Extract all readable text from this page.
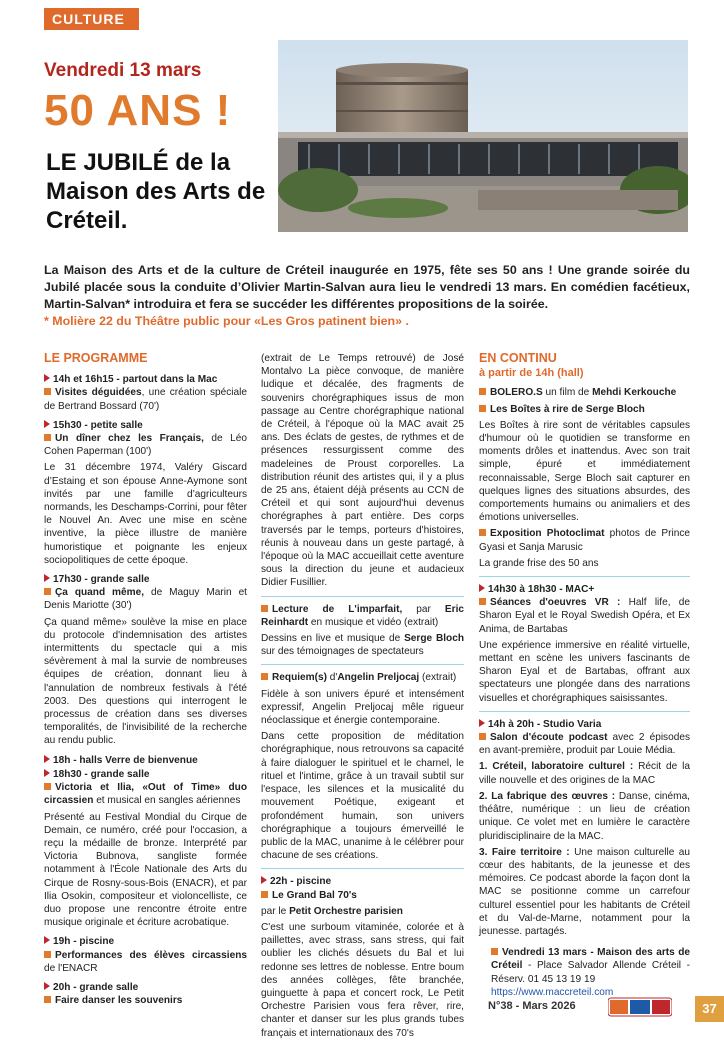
CULTURE
Vendredi 13 mars
50 ANS !
LE JUBILÉ de la Maison des Arts de Créteil.
La Maison des Arts et de la culture de Créteil inaugurée en 1975, fête ses 50 ans ! Une grande soirée du Jubilé placée sous la conduite d’Olivier Martin-Salvan aura lieu le vendredi 13 mars. En comédien facétieux, Martin-Salvan* introduira et fera se succéder les différentes propositions de la soirée.
* Molière 22 du Théâtre public pour «Les Gros patinent bien» .
LE PROGRAMME
14h et 16h15 - partout dans la Mac

Visites déguidées, une création spéciale de Bertrand Bossard (70')

15h30 - petite salle

Un dîner chez les Français, de Léo Cohen Paperman (100')

Le 31 décembre 1974, Valéry Giscard d’Estaing et son épouse Anne-Aymone sont invités par une famille d’agriculteurs normands, les Deschamps-Corrini, pour fêter le Nouvel An. Avec une mise en scène inventive, la pièce illustre de manière humoristique et poignante les enjeux sociopolitiques de cette époque.

17h30 - grande salle

Ça quand même, de Maguy Marin et Denis Mariotte (30')

Ça quand même» soulève la mise en place du protocole d'indemnisation des artistes intermittents du spectacle qui a mis sévèrement à mal la survie de nombreuses équipes de création, donnant lieu à l'annulation de nombreux festivals à l'été 2003. Des questions qui interrogent le processus de création dans ses diverses temporalités, de l'invisibilité de la recherche au rendu public.

18h - halls Verre de bienvenue
18h30 - grande salle

Victoria et Ilia, «Out of Time» duo circassien et musical en sangles aériennes

Présenté au Festival Mondial du Cirque de Demain, ce numéro, créé pour l'occasion, a reçu la médaille de bronze. Interprété par Victoria Bubnova, sangliste formée notamment à l'École Nationale des Arts du Cirque de Rosny-sous-Bois (ENACR), et par Ilia Osokin, compositeur et violoncelliste, ce duo propose une rencontre étroite entre musique originale et écriture acrobatique.

19h - piscine

Performances des élèves circassiens de l'ENACR

20h - grande salle

Faire danser les souvenirs

(extrait de Le Temps retrouvé) de José Montalvo La pièce convoque, de manière ludique et décalée, des fragments de souvenirs chorégraphiques issus de mon passage au Centre chorégraphique national de Créteil, à l'époque où la MAC avait 25 ans. Des éclats de gestes, de rythmes et de présences ressurgissent comme des madeleines de Proust corporelles. La distribution réunit des artistes qui, il y a plus de 25 ans, étaient déjà présents au CCN de Créteil et qui sont aujourd'hui devenus chorégraphes à part entière. Des corps traversés par le temps, porteurs d'histoires, réunis à nouveau dans un geste partagé, à l'époque où la MAC accueillait cette aventure sous la direction du jeune et audacieux Didier Fusillier.

Lecture de L'imparfait, par Eric Reinhardt en musique et vidéo (extrait)

Dessins en live et musique de Serge Bloch sur des témoignages de spectateurs

Requiem(s) d'Angelin Preljocaj (extrait)

Fidèle à son univers épuré et intensément expressif, Angelin Preljocaj mêle rigueur néoclassique et énergie contemporaine.

Dans cette proposition de méditation chorégraphique, nous retrouvons sa capacité à faire dialoguer le spirituel et le charnel, le rituel et l'intime, grâce à un travail subtil sur l'espace, les silences et la musicalité du mouvement Poétique, exigeant et profondément humain, son univers chorégraphique a toujours émerveillé le public de la MAC, unanime à le célébrer pour chacune de ses créations.

22h - piscine

Le Grand Bal 70's

par le Petit Orchestre parisien

C'est une surboum vitaminée, colorée et à paillettes, avec strass, sans stress, qui fait oublier les clichés désuets du Bal et lui redonne ses lettres de noblesse. Entre boum des années collèges, fête branchée, guinguette à papa et concert rock, Le Petit Orchestre Parisien vous fera rêver, rire, chanter et danser sur les plus grands tubes français et internationaux des 70's

EN CONTINU
à partir de 14h (hall)

BOLERO.S un film de Mehdi Kerkouche

Les Boîtes à rire de Serge Bloch

Les Boîtes à rire sont de véritables capsules d'humour où le quotidien se transforme en moments drôles et inattendus. Avec son trait simple, épuré et immédiatement reconnaissable, Serge Bloch sait capturer en quelques lignes des situations absurdes, des comportements humains ou animaliers et des émotions universelles.

Exposition Photoclimat photos de Prince Gyasi et Sanja Marusic

La grande frise des 50 ans

14h30 à 18h30 - MAC+

Séances d'oeuvres VR : Half life, de Sharon Eyal et le Royal Swedish Opéra, et Ex Anima, de Bartabas

Une expérience immersive en réalité virtuelle, mettant en scène les univers fascinants de Sharon Eyal et de Bartabas, offrant aux spectateurs une plongée dans des narrations visuelles et chorégraphiques saisissantes.

14h à 20h - Studio Varia

Salon d'écoute podcast avec 2 épisodes en avant-première, produit par Louie Média.

1. Créteil, laboratoire culturel : Récit de la ville nouvelle et des origines de la MAC

2. La fabrique des œuvres : Danse, cinéma, théâtre, numérique : un lieu de création unique. Ce volet met en lumière le caractère pluridisciplinaire de la MAC.

3. Faire territoire : Une maison culturelle au cœur des habitants, de la jeunesse et des mémoires. Ce podcast aborde la façon dont la MAC se positionne comme un carrefour culturel essentiel pour les habitants de Créteil et du Val-de-Marne, notamment pour la jeunesse. partagés.

Vendredi 13 mars - Maison des arts de Créteil - Place Salvador Allende Créteil - Réserv. 01 45 13 19 19
https://www.maccreteil.com

N°38 - Mars 2026	37
